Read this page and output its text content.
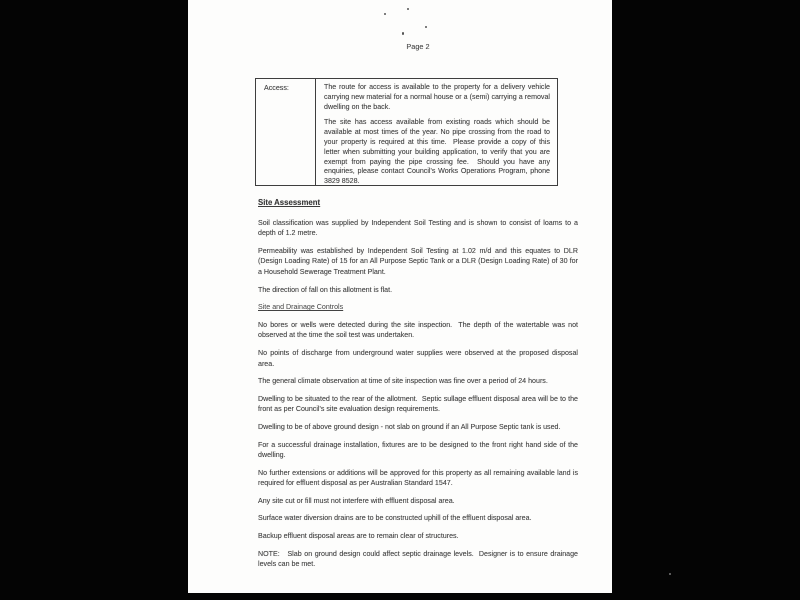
Page 2
Access:	The route for access is available to the property for a delivery vehicle carrying new material for a normal house or a (semi) carrying a removal dwelling on the back.

The site has access available from existing roads which should be available at most times of the year. No pipe crossing from the road to your property is required at this time.  Please provide a copy of this letter when submitting your building application, to verify that you are exempt from paying the pipe crossing fee.  Should you have any enquiries, please contact Council's Works Operations Program, phone 3829 8528.

Site Assessment

Soil classification was supplied by Independent Soil Testing and is shown to consist of loams to a depth of 1.2 metre.

Permeability was established by Independent Soil Testing at 1.02 m/d and this equates to DLR (Design Loading Rate) of 15 for an All Purpose Septic Tank or a DLR (Design Loading Rate) of 30 for a Household Sewerage Treatment Plant.

The direction of fall on this allotment is flat.

Site and Drainage Controls

No bores or wells were detected during the site inspection.  The depth of the watertable was not observed at the time the soil test was undertaken.

No points of discharge from underground water supplies were observed at the proposed disposal area.

The general climate observation at time of site inspection was fine over a period of 24 hours.

Dwelling to be situated to the rear of the allotment.  Septic sullage effluent disposal area will be to the front as per Council's site evaluation design requirements.

Dwelling to be of above ground design - not slab on ground if an All Purpose Septic tank is used.

For a successful drainage installation, fixtures are to be designed to the front right hand side of the dwelling.

No further extensions or additions will be approved for this property as all remaining available land is required for effluent disposal as per Australian Standard 1547.

Any site cut or fill must not interfere with effluent disposal area.

Surface water diversion drains are to be constructed uphill of the effluent disposal area.

Backup effluent disposal areas are to remain clear of structures.

NOTE:   Slab on ground design could affect septic drainage levels.  Designer is to ensure drainage levels can be met.
